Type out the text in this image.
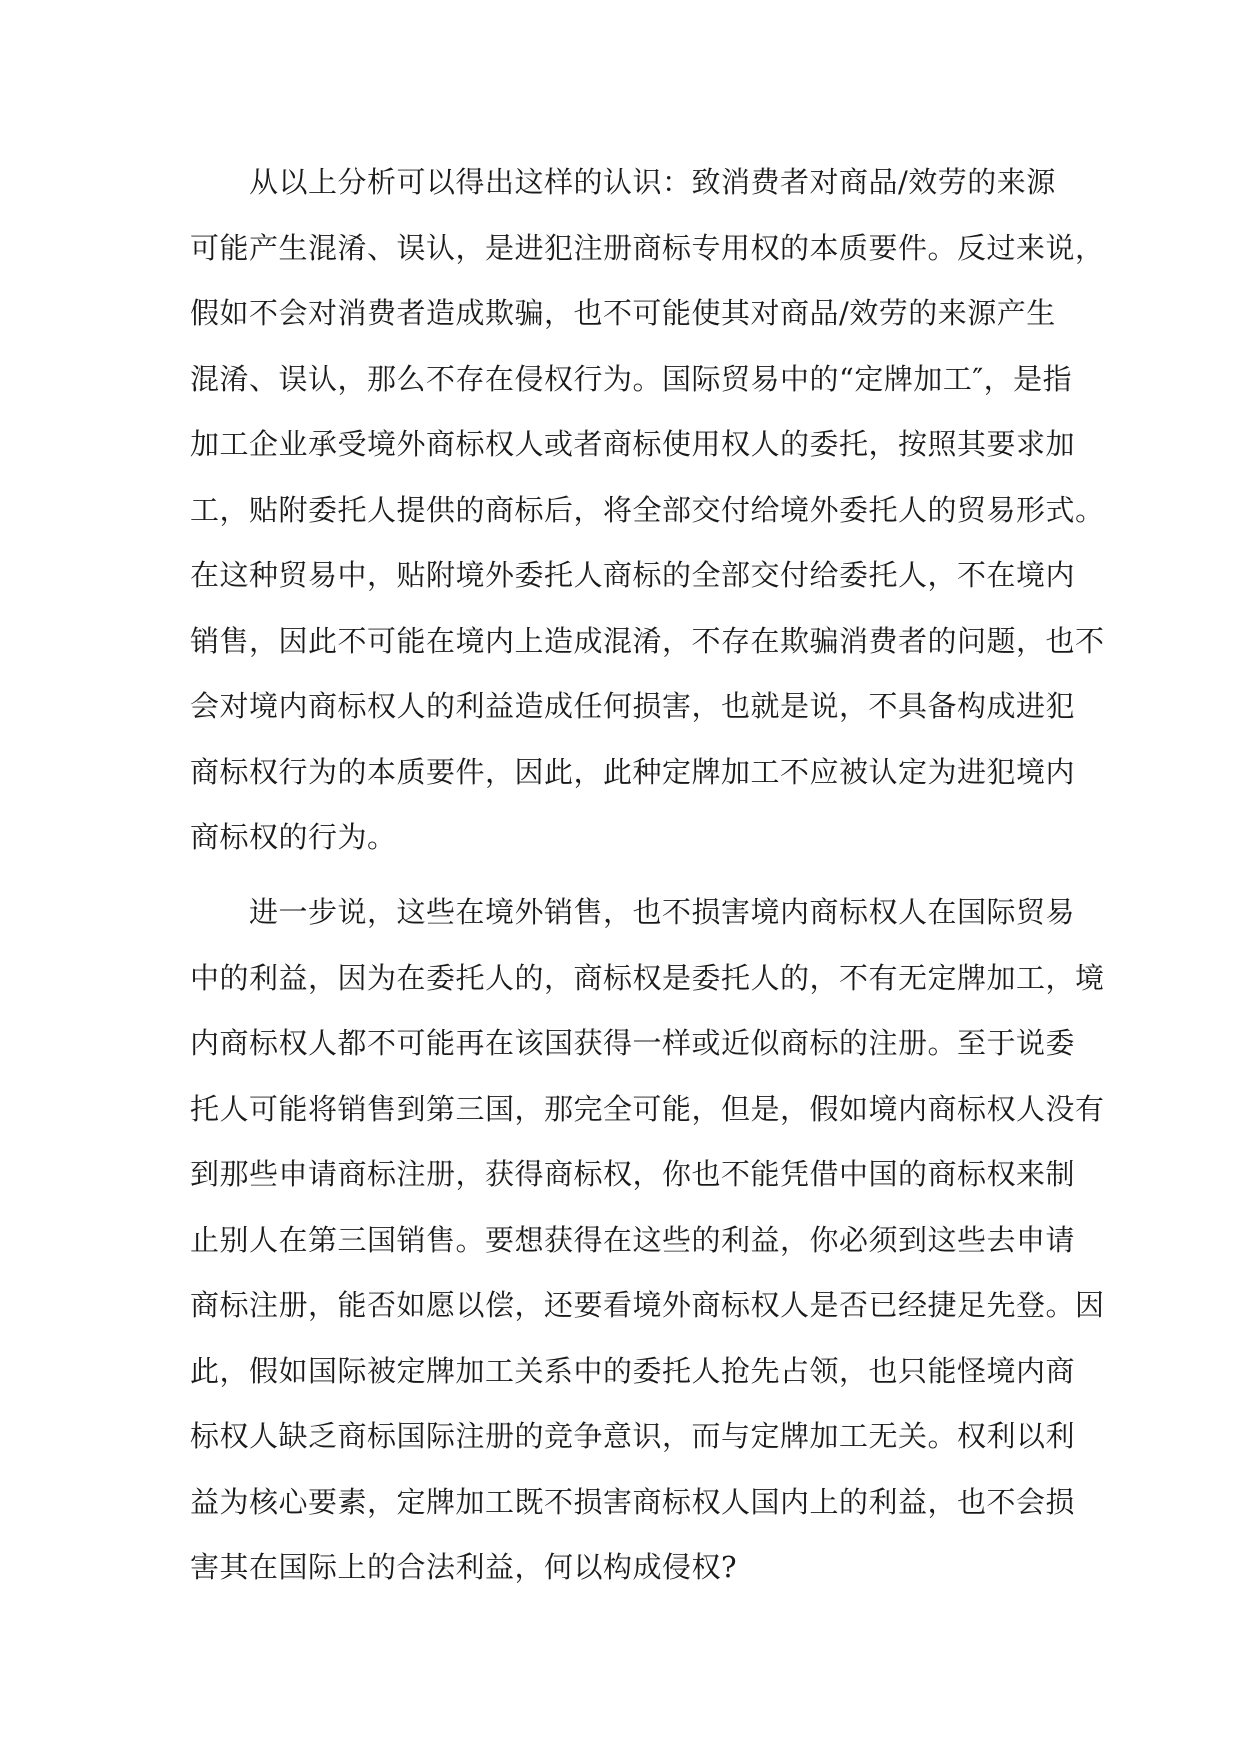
　　从以上分析可以得出这样的认识：致消费者对商品/效劳的来源
可能产生混淆、误认，是进犯注册商标专用权的本质要件。反过来说，
假如不会对消费者造成欺骗，也不可能使其对商品/效劳的来源产生
混淆、误认，那么不存在侵权行为。国际贸易中的“定牌加工″，是指
加工企业承受境外商标权人或者商标使用权人的委托，按照其要求加
工，贴附委托人提供的商标后，将全部交付给境外委托人的贸易形式。
在这种贸易中，贴附境外委托人商标的全部交付给委托人，不在境内
销售，因此不可能在境内上造成混淆，不存在欺骗消费者的问题，也不
会对境内商标权人的利益造成任何损害，也就是说，不具备构成进犯
商标权行为的本质要件，因此，此种定牌加工不应被认定为进犯境内
商标权的行为。
　　进一步说，这些在境外销售，也不损害境内商标权人在国际贸易
中的利益，因为在委托人的，商标权是委托人的，不有无定牌加工，境
内商标权人都不可能再在该国获得一样或近似商标的注册。至于说委
托人可能将销售到第三国，那完全可能，但是，假如境内商标权人没有
到那些申请商标注册，获得商标权，你也不能凭借中国的商标权来制
止别人在第三国销售。要想获得在这些的利益，你必须到这些去申请
商标注册，能否如愿以偿，还要看境外商标权人是否已经捷足先登。因
此，假如国际被定牌加工关系中的委托人抢先占领，也只能怪境内商
标权人缺乏商标国际注册的竞争意识，而与定牌加工无关。权利以利
益为核心要素，定牌加工既不损害商标权人国内上的利益，也不会损
害其在国际上的合法利益，何以构成侵权?
